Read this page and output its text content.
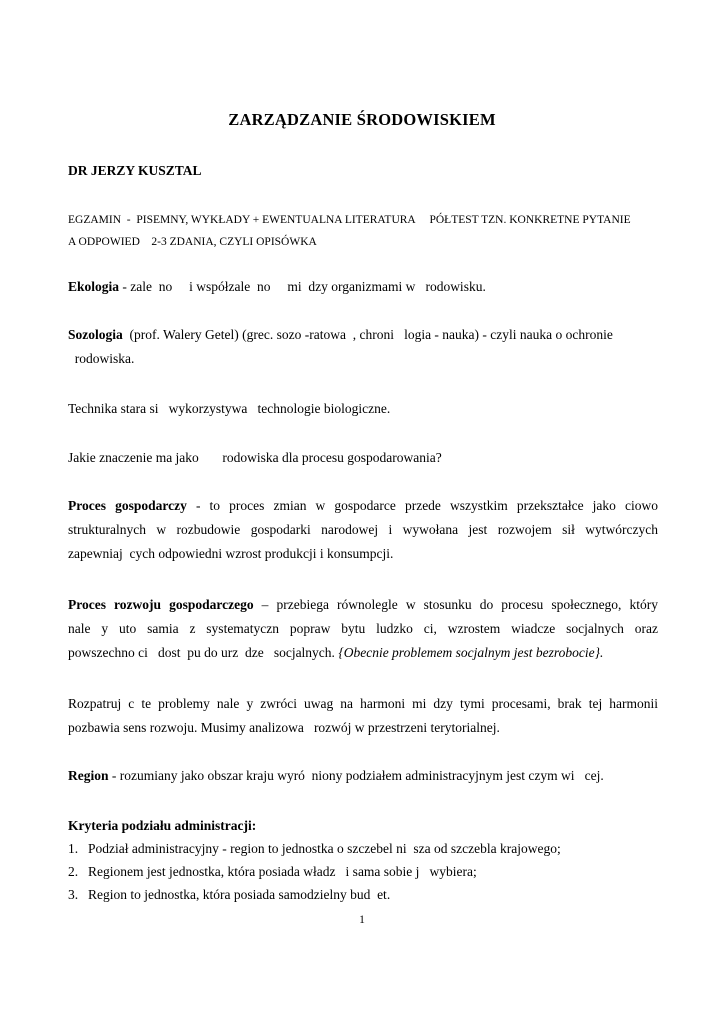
ZARZĄDZANIE ŚRODOWISKIEM
DR JERZY KUSZTAL
EGZAMIN  -  PISEMNY, WYKŁADY + EWENTUALNA LITERATURA     PÓŁTEST TZN. KONKRETNE PYTANIE
A ODPOWIED    2-3 ZDANIA, CZYLI OPISÓWKA
Ekologia - zale  no     i współzale  no     mi  dzy organizmami w   rodowisku.
Sozologia  (prof. Walery Getel) (grec. sozo -ratowa  , chroni   logia - nauka) - czyli nauka o ochronie
rodowiska.
Technika stara si   wykorzystywa   technologie biologiczne.
Jakie znaczenie ma jako       rodowiska dla procesu gospodarowania?
Proces gospodarczy - to proces zmian w gospodarce przede wszystkim przekształce jako ciowo
strukturalnych w rozbudowie gospodarki narodowej i wywołana jest rozwojem sił wytwórczych
zapewniaj  cych odpowiedni wzrost produkcji i konsumpcji.
Proces rozwoju gospodarczego – przebiega równolegle w stosunku do procesu społecznego, który
nale y uto samia z systematyczn popraw bytu ludzko ci, wzrostem wiadcze socjalnych oraz
powszechno ci   dost  pu do urz  dze   socjalnych. {Obecnie problemem socjalnym jest bezrobocie}.
Rozpatruj c te problemy nale y zwróci uwag na harmoni mi dzy tymi procesami, brak tej harmonii
pozbawia sens rozwoju. Musimy analizowa   rozwój w przestrzeni terytorialnej.
Region - rozumiany jako obszar kraju wyró  niony podziałem administracyjnym jest czym wi   cej.
Kryteria podziału administracji:
1. Podział administracyjny - region to jednostka o szczebel ni  sza od szczebla krajowego;
2. Regionem jest jednostka, która posiada władz   i sama sobie j   wybiera;
3. Region to jednostka, która posiada samodzielny bud  et.
1
